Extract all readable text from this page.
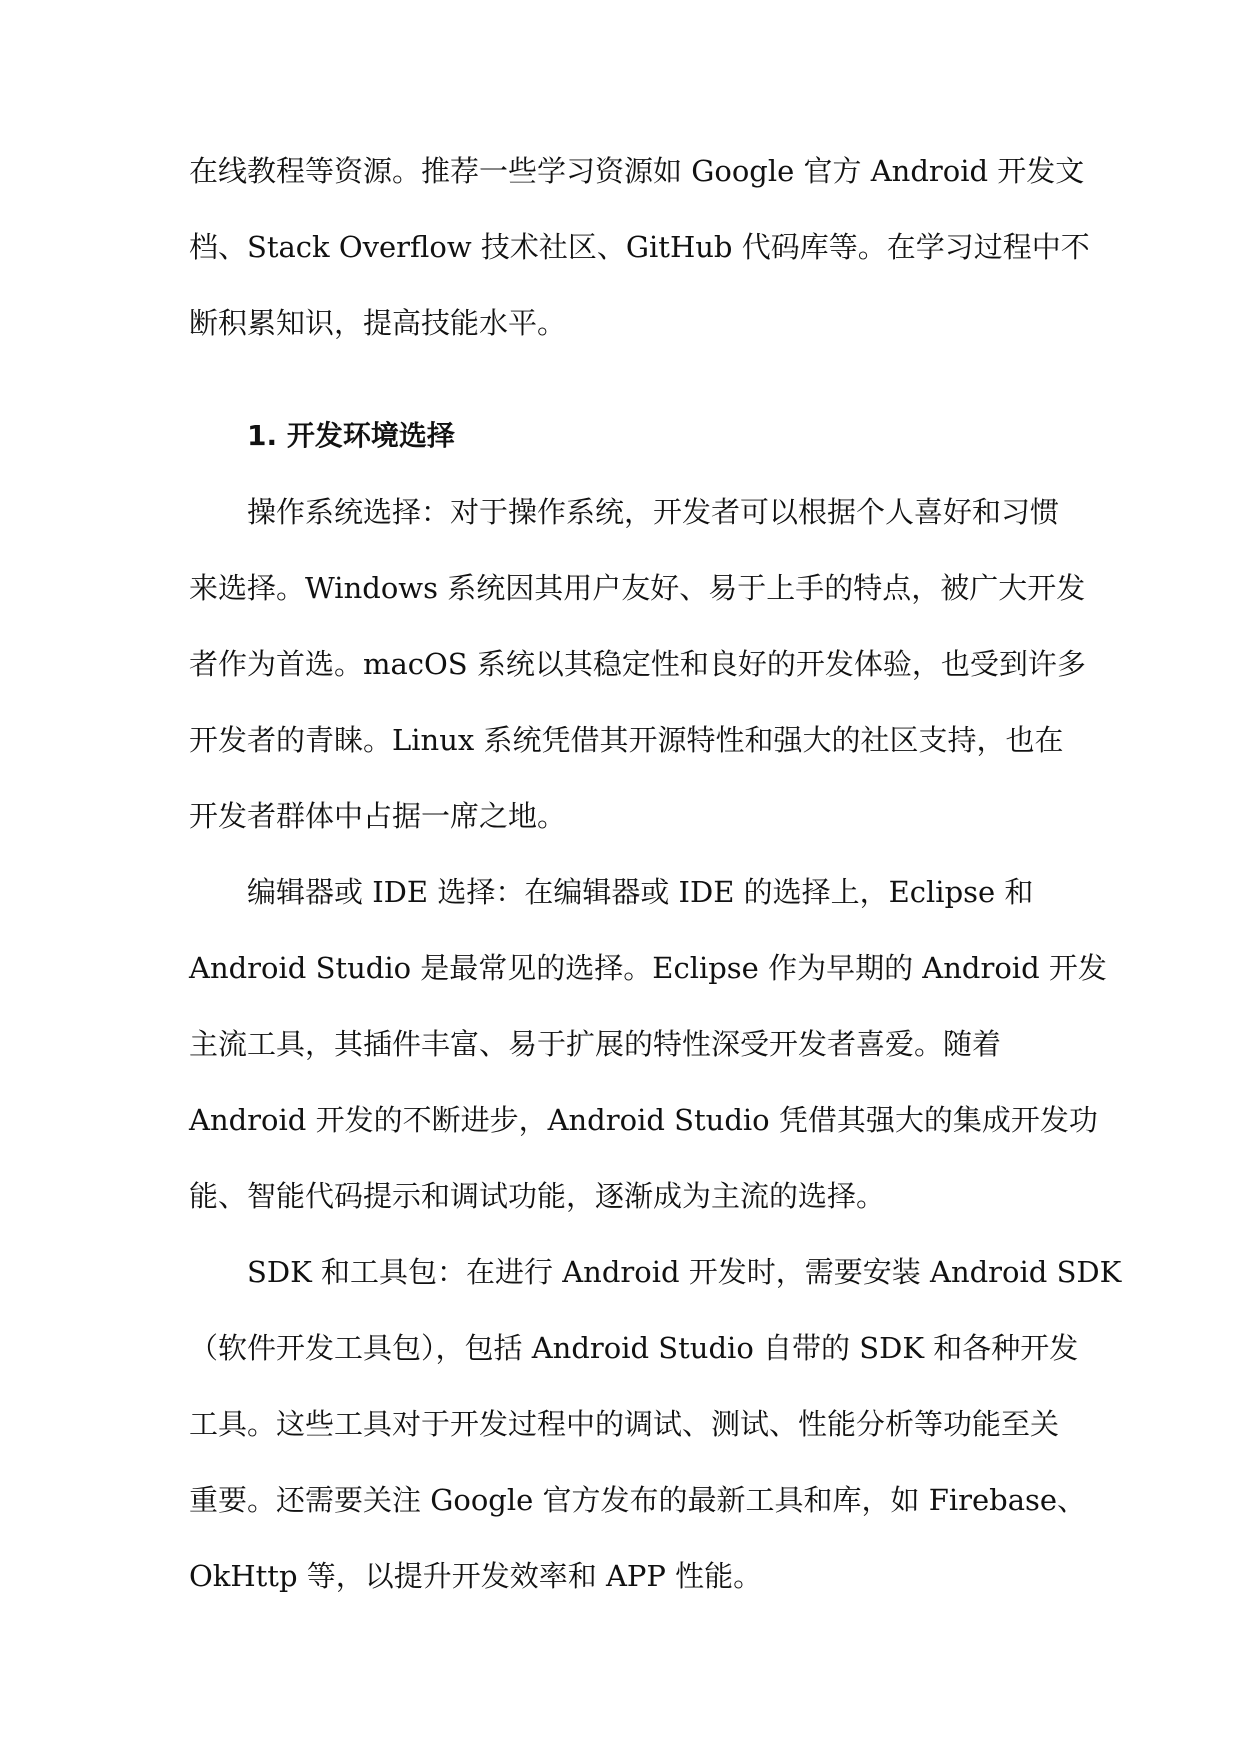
在线教程等资源。推荐一些学习资源如 Google 官方 Android 开发文
档、Stack Overflow 技术社区、GitHub 代码库等。在学习过程中不
断积累知识，提高技能水平。
1. 开发环境选择
操作系统选择：对于操作系统，开发者可以根据个人喜好和习惯
来选择。Windows 系统因其用户友好、易于上手的特点，被广大开发
者作为首选。macOS 系统以其稳定性和良好的开发体验，也受到许多
开发者的青睐。Linux 系统凭借其开源特性和强大的社区支持，也在
开发者群体中占据一席之地。
编辑器或 IDE 选择：在编辑器或 IDE 的选择上，Eclipse 和
Android Studio 是最常见的选择。Eclipse 作为早期的 Android 开发
主流工具，其插件丰富、易于扩展的特性深受开发者喜爱。随着
Android 开发的不断进步，Android Studio 凭借其强大的集成开发功
能、智能代码提示和调试功能，逐渐成为主流的选择。
SDK 和工具包：在进行 Android 开发时，需要安装 Android SDK
（软件开发工具包），包括 Android Studio 自带的 SDK 和各种开发
工具。这些工具对于开发过程中的调试、测试、性能分析等功能至关
重要。还需要关注 Google 官方发布的最新工具和库，如 Firebase、
OkHttp 等，以提升开发效率和 APP 性能。
